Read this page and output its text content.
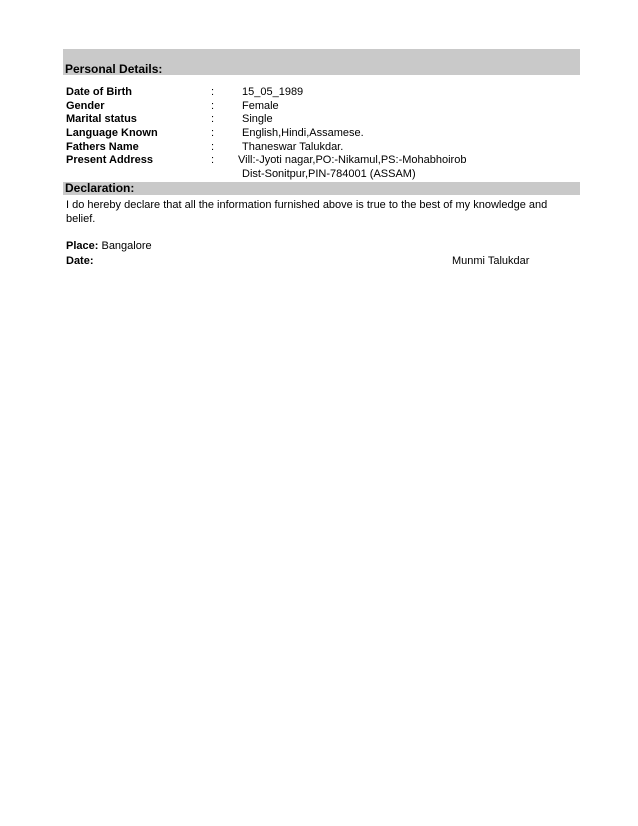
Personal Details:
Date of Birth	:	15_05_1989
Gender	:	Female
Marital status	:	Single
Language Known	:	English,Hindi,Assamese.
Fathers Name	:	Thaneswar Talukdar.
Present Address	: Vill:-Jyoti nagar,PO:-Nikamul,PS:-Mohabhoirob
Dist-Sonitpur,PIN-784001 (ASSAM)
Declaration:
I do hereby declare that all the information furnished above is true to the best of my knowledge and belief.
Place: Bangalore
Date:	Munmi Talukdar
